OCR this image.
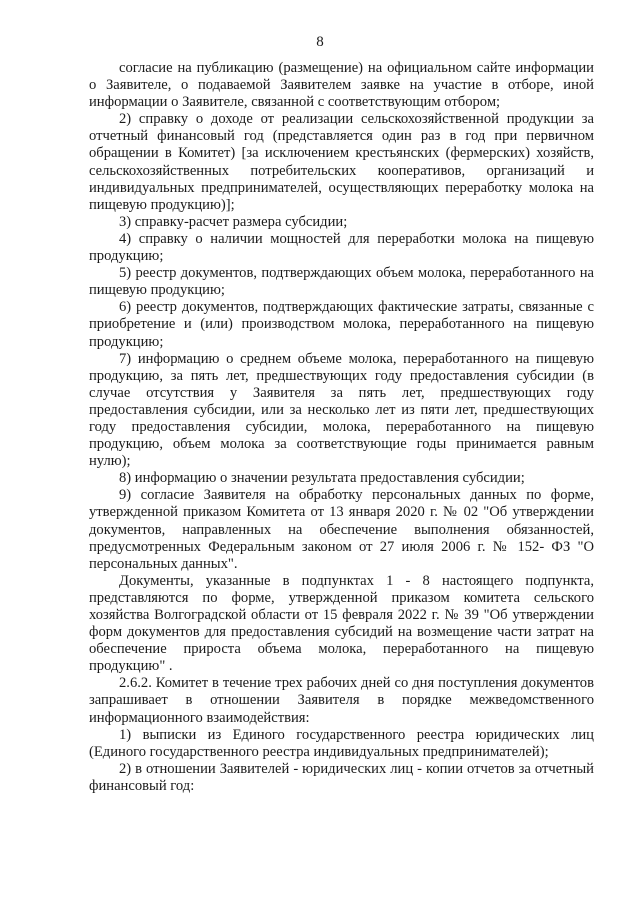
8

согласие на публикацию (размещение) на официальном сайте информации о Заявителе, о подаваемой Заявителем заявке на участие в отборе, иной информации о Заявителе, связанной с соответствующим отбором;

2) справку о доходе от реализации сельскохозяйственной продукции за отчетный финансовый год (представляется один раз в год при первичном обращении в Комитет) [за исключением крестьянских (фермерских) хозяйств, сельскохозяйственных потребительских кооперативов, организаций и индивидуальных предпринимателей, осуществляющих переработку молока на пищевую продукцию)];

3) справку-расчет размера субсидии;

4) справку о наличии мощностей для переработки молока на пищевую продукцию;

5) реестр документов, подтверждающих объем молока, переработанного на пищевую продукцию;

6) реестр документов, подтверждающих фактические затраты, связанные с приобретение и (или) производством молока, переработанного на пищевую продукцию;

7) информацию о среднем объеме молока, переработанного на пищевую продукцию, за пять лет, предшествующих году предоставления субсидии (в случае отсутствия у Заявителя за пять лет, предшествующих году предоставления субсидии, или за несколько лет из пяти лет, предшествующих году предоставления субсидии, молока, переработанного на пищевую продукцию, объем молока за соответствующие годы принимается равным нулю);

8) информацию о значении результата предоставления субсидии;

9) согласие Заявителя на обработку персональных данных по форме, утвержденной приказом Комитета от 13 января 2020 г. № 02 "Об утверждении документов, направленных на обеспечение выполнения обязанностей, предусмотренных Федеральным законом от 27 июля 2006 г. № 152- ФЗ "О персональных данных".

Документы, указанные в подпунктах 1 - 8 настоящего подпункта, представляются по форме, утвержденной приказом комитета сельского хозяйства Волгоградской области от 15 февраля 2022 г. № 39 "Об утверждении форм документов для предоставления субсидий на возмещение части затрат на обеспечение прироста объема молока, переработанного на пищевую продукцию" .

2.6.2. Комитет в течение трех рабочих дней со дня поступления документов запрашивает в отношении Заявителя в порядке межведомственного информационного взаимодействия:

1) выписки из Единого государственного реестра юридических лиц (Единого государственного реестра индивидуальных предпринимателей);

2) в отношении Заявителей - юридических лиц - копии отчетов за отчетный финансовый год:
